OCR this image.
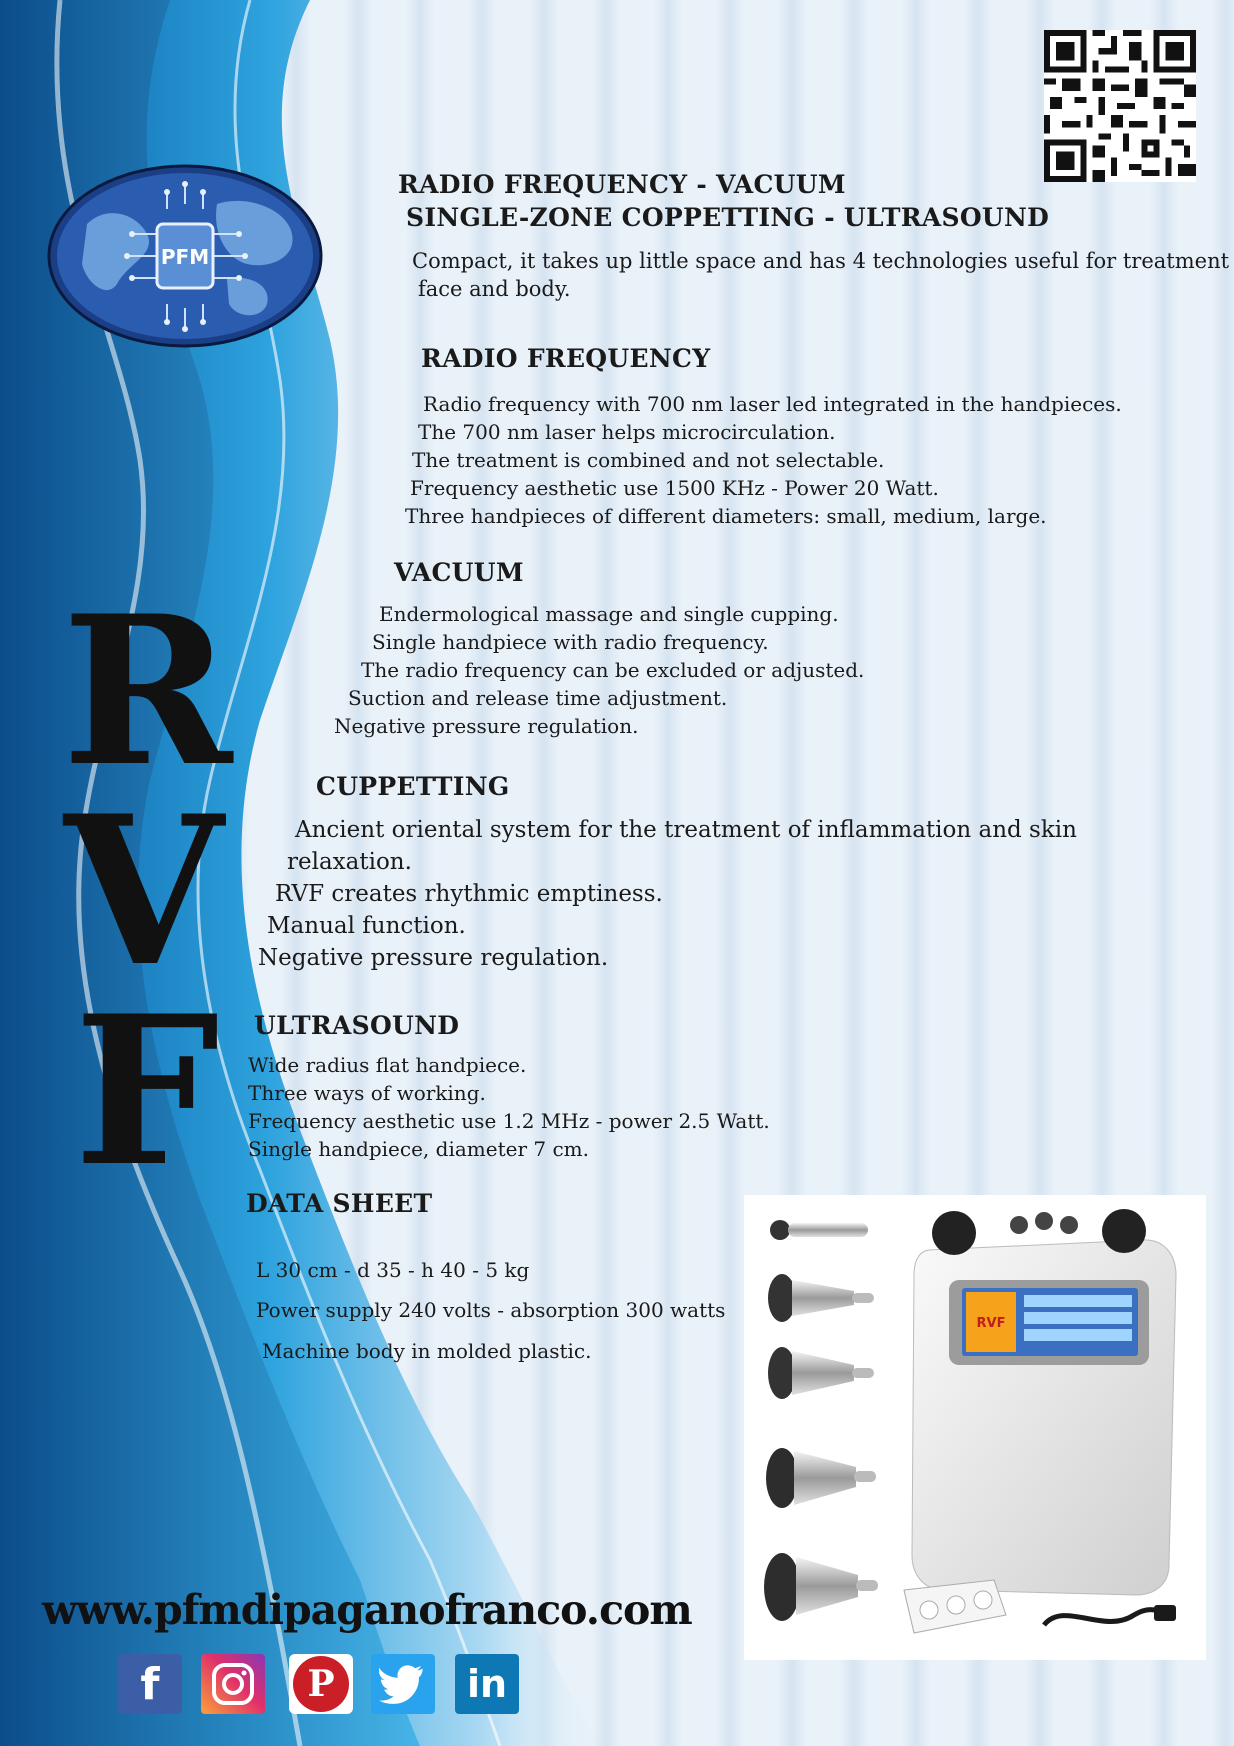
PFM
R
V
F

RADIO FREQUENCY - VACUUM

SINGLE-ZONE COPPETTING - ULTRASOUND

Compact, it takes up little space and has 4 technologies useful for treatment

face and body.

RADIO FREQUENCY

Radio frequency with 700 nm laser led integrated in the handpieces.

The 700 nm laser helps microcirculation.

The treatment is combined and not selectable.

Frequency aesthetic use 1500 KHz - Power 20 Watt.

Three handpieces of different diameters: small, medium, large.

VACUUM

Endermological massage and single cupping.

Single handpiece with radio frequency.

The radio frequency can be excluded or adjusted.

Suction and release time adjustment.

Negative pressure regulation.

CUPPETTING

Ancient oriental system for the treatment of inflammation and skin

relaxation.

RVF creates rhythmic emptiness.

Manual function.

Negative pressure regulation.

ULTRASOUND

Wide radius flat handpiece.

Three ways of working.

Frequency aesthetic use 1.2 MHz - power 2.5 Watt.

Single handpiece, diameter 7 cm.

DATA SHEET

L 30 cm - d 35 - h 40 - 5 kg

Power supply 240 volts - absorption 300 watts

Machine body in molded plastic.

RVF
www.pfmdipaganofranco.com
f	P	in
